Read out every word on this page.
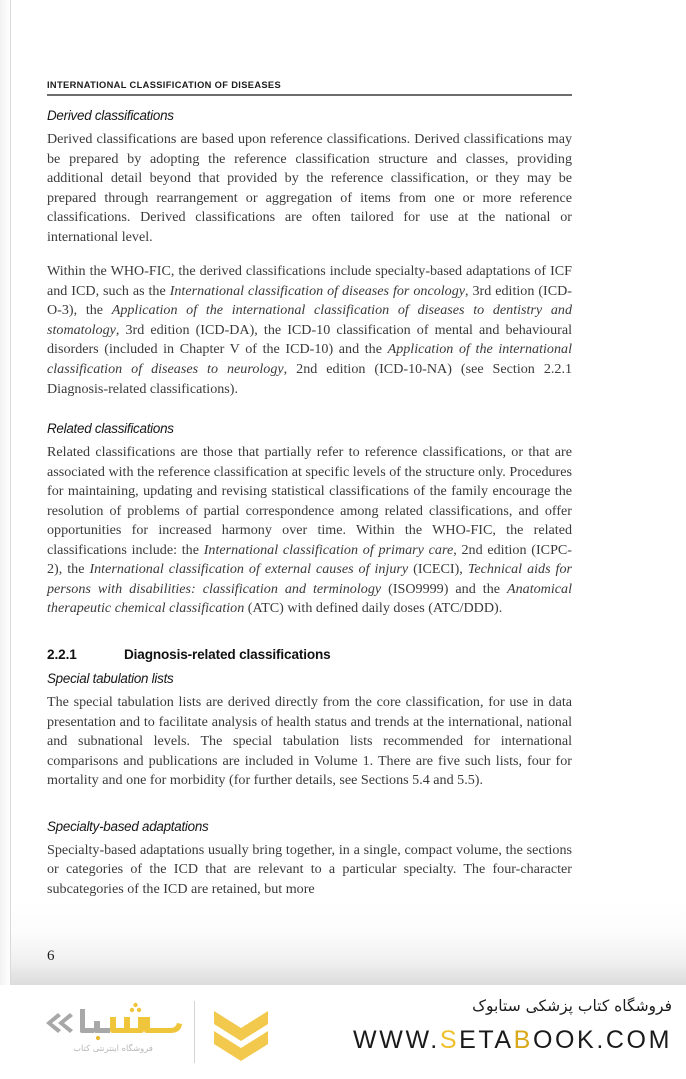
INTERNATIONAL CLASSIFICATION OF DISEASES
Derived classifications

Derived classifications are based upon reference classifications. Derived classifications may be prepared by adopting the reference classification structure and classes, providing additional detail beyond that provided by the reference classification, or they may be prepared through rearrangement or aggregation of items from one or more reference classifications. Derived classifications are often tailored for use at the national or international level.

Within the WHO-FIC, the derived classifications include specialty-based adaptations of ICF and ICD, such as the International classification of diseases for oncology, 3rd edition (ICD-O-3), the Application of the international classification of diseases to dentistry and stomatology, 3rd edition (ICD-DA), the ICD-10 classification of mental and behavioural disorders (included in Chapter V of the ICD-10) and the Application of the international classification of diseases to neurology, 2nd edition (ICD-10-NA) (see Section 2.2.1 Diagnosis-related classifications).

Related classifications

Related classifications are those that partially refer to reference classifications, or that are associated with the reference classification at specific levels of the structure only. Procedures for maintaining, updating and revising statistical classifications of the family encourage the resolution of problems of partial correspondence among related classifications, and offer opportunities for increased harmony over time. Within the WHO-FIC, the related classifications include: the International classification of primary care, 2nd edition (ICPC-2), the International classification of external causes of injury (ICECI), Technical aids for persons with disabilities: classification and terminology (ISO9999) and the Anatomical therapeutic chemical classification (ATC) with defined daily doses (ATC/DDD).

2.2.1	Diagnosis-related classifications
Special tabulation lists

The special tabulation lists are derived directly from the core classification, for use in data presentation and to facilitate analysis of health status and trends at the international, national and subnational levels. The special tabulation lists recommended for international comparisons and publications are included in Volume 1. There are five such lists, four for mortality and one for morbidity (for further details, see Sections 5.4 and 5.5).

Specialty-based adaptations

Specialty-based adaptations usually bring together, in a single, compact volume, the sections or categories of the ICD that are relevant to a particular specialty. The four-character subcategories of the ICD are retained, but more

6
فروشگاه اینترنتی کتاب
فروشگاه کتاب پزشکی ستابوک
WWW.SETABOOK.COM
